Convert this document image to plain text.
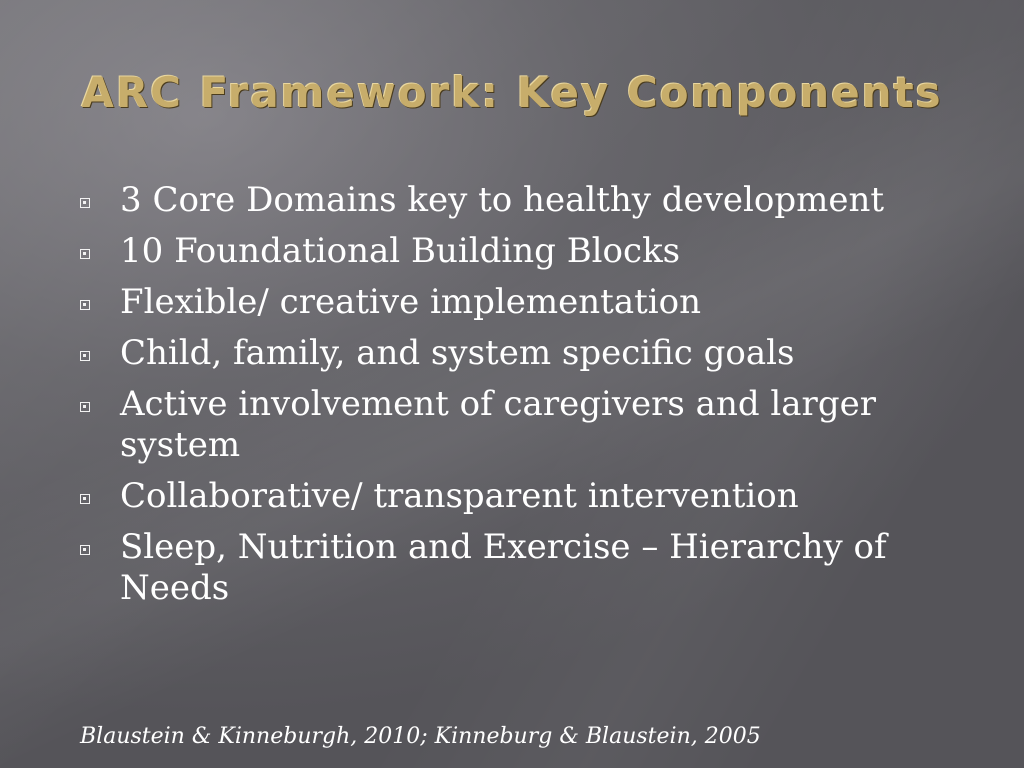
ARC Framework: Key Components
3 Core Domains key to healthy development
10 Foundational Building Blocks
Flexible/ creative implementation
Child, family, and system specific goals
Active involvement of caregivers and larger system
Collaborative/ transparent intervention
Sleep, Nutrition and Exercise – Hierarchy of Needs

Blaustein & Kinneburgh, 2010; Kinneburg & Blaustein, 2005
